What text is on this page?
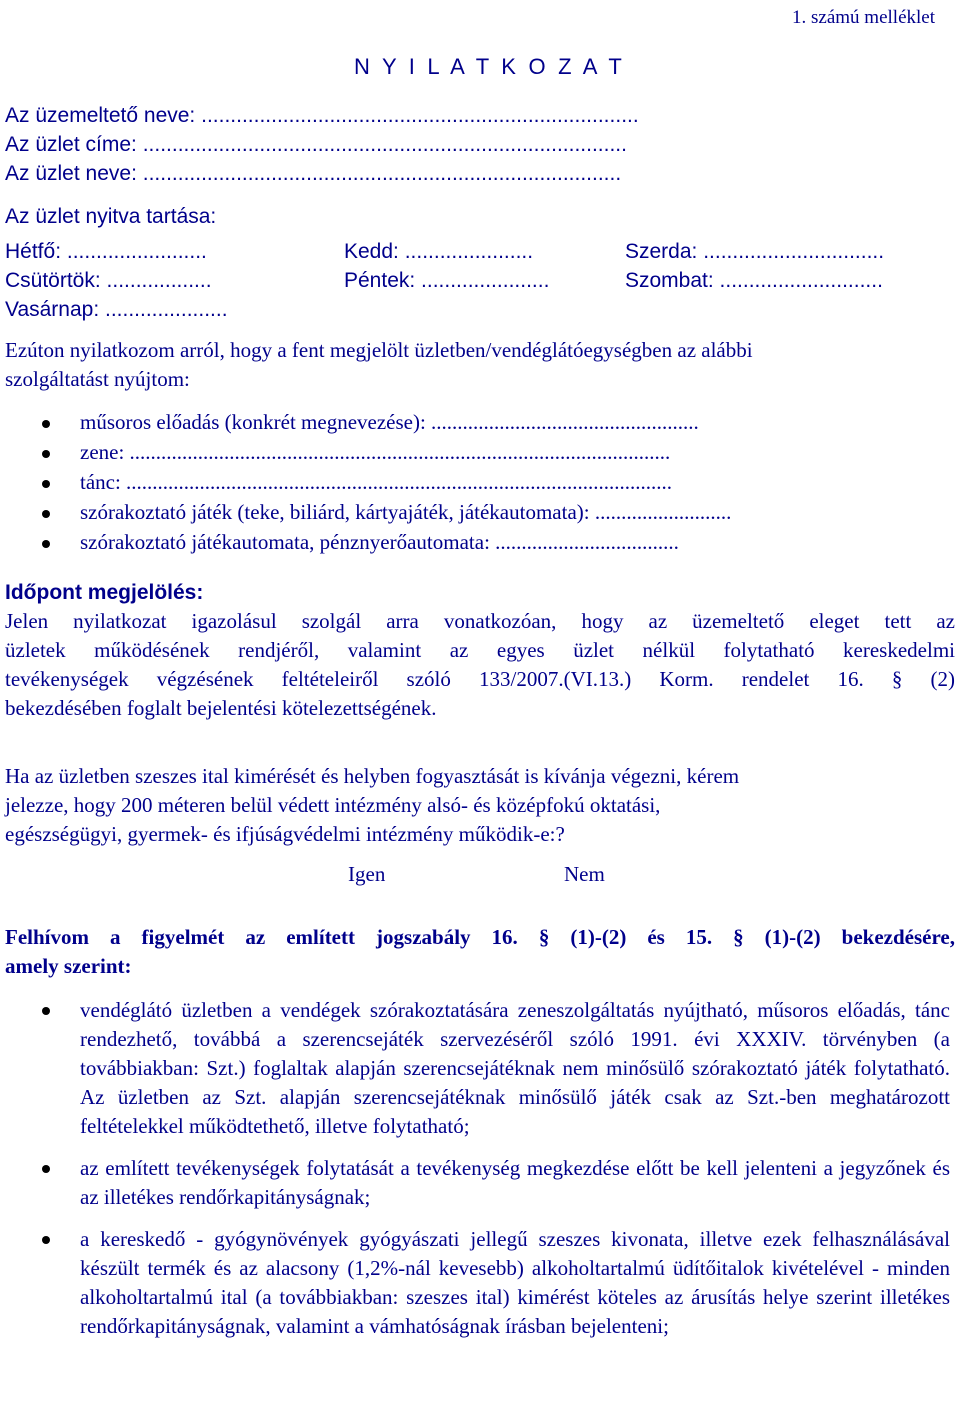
1. számú melléklet
N Y I L A T K O Z A T
Az üzemeltető neve: ...........................................................................
Az üzlet címe: ...................................................................................
Az üzlet neve: ..................................................................................
Az üzlet nyitva tartása:
Hétfő: ........................	Kedd: ......................	Szerda: ...............................
Csütörtök: ..................	Péntek: ......................	Szombat: ............................
Vasárnap: .....................
Ezúton nyilatkozom arról, hogy a fent megjelölt üzletben/vendéglátóegységben az alábbi
szolgáltatást nyújtom:
műsoros előadás (konkrét megnevezése): ...................................................
zene: .......................................................................................................
tánc: ........................................................................................................
szórakoztató játék (teke, biliárd, kártyajáték, játékautomata): ..........................
szórakoztató játékautomata, pénznyerőautomata: ...................................
Időpont megjelölés:
Jelen nyilatkozat igazolásul szolgál arra vonatkozóan, hogy az üzemeltető eleget tett az
üzletek működésének rendjéről, valamint az egyes üzlet nélkül folytatható kereskedelmi
tevékenységek végzésének feltételeiről szóló 133/2007.(VI.13.) Korm. rendelet 16. § (2)
bekezdésében foglalt bejelentési kötelezettségének.
Ha az üzletben szeszes ital kimérését és helyben fogyasztását is kívánja végezni, kérem
jelezze, hogy 200 méteren belül védett intézmény alsó- és középfokú oktatási,
egészségügyi, gyermek- és ifjúságvédelmi intézmény működik-e:?
Igen	Nem
Felhívom a figyelmét az említett jogszabály 16. § (1)-(2) és 15. § (1)-(2) bekezdésére,
amely szerint:
vendéglátó üzletben a vendégek szórakoztatására zeneszolgáltatás nyújtható, műsoros előadás, tánc rendezhető, továbbá a szerencsejáték szervezéséről szóló 1991. évi XXXIV. törvényben (a továbbiakban: Szt.) foglaltak alapján szerencsejátéknak nem minősülő szórakoztató játék folytatható. Az üzletben az Szt. alapján szerencsejátéknak minősülő játék csak az Szt.-ben meghatározott feltételekkel működtethető, illetve folytatható;
az említett tevékenységek folytatását a tevékenység megkezdése előtt be kell jelenteni a jegyzőnek és az illetékes rendőrkapitányságnak;
a kereskedő - gyógynövények gyógyászati jellegű szeszes kivonata, illetve ezek felhasználásával készült termék és az alacsony (1,2%-nál kevesebb) alkoholtartalmú üdítőitalok kivételével - minden alkoholtartalmú ital (a továbbiakban: szeszes ital) kimérést köteles az árusítás helye szerint illetékes rendőrkapitányságnak, valamint a vámhatóságnak írásban bejelenteni;
